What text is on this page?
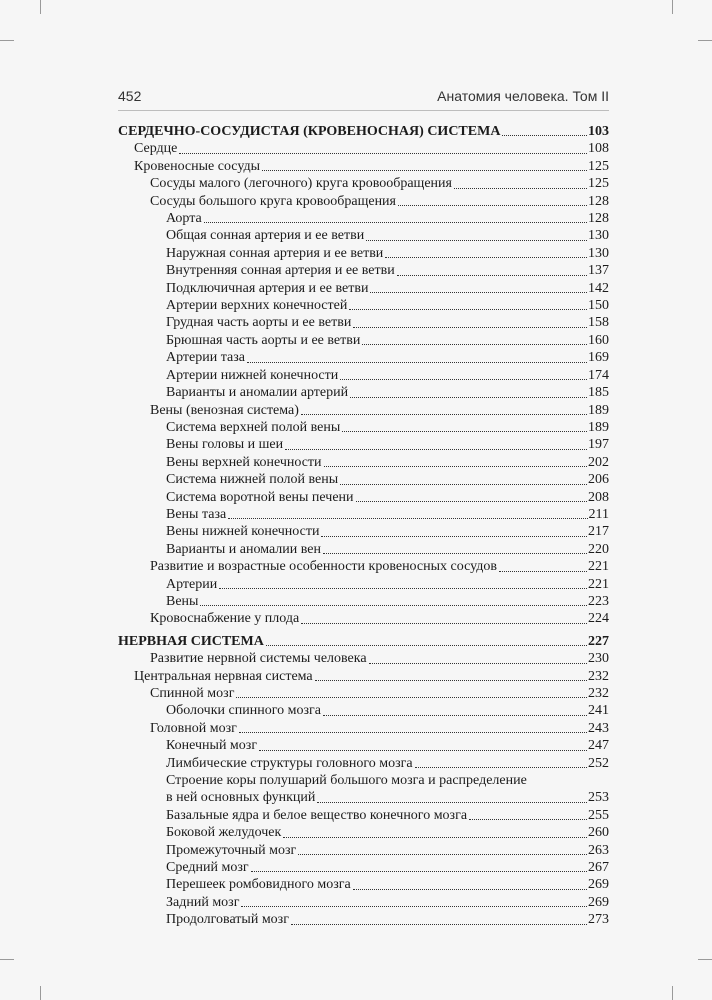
452	Анатомия человека. Том II
СЕРДЕЧНО-СОСУДИСТАЯ (КРОВЕНОСНАЯ) СИСТЕМА	103
Сердце	108
Кровеносные сосуды	125
Сосуды малого (легочного) круга кровообращения	125
Сосуды большого круга кровообращения	128
Аорта	128
Общая сонная артерия и ее ветви	130
Наружная сонная артерия и ее ветви	130
Внутренняя сонная артерия и ее ветви	137
Подключичная артерия и ее ветви	142
Артерии верхних конечностей	150
Грудная часть аорты и ее ветви	158
Брюшная часть аорты и ее ветви	160
Артерии таза	169
Артерии нижней конечности	174
Варианты и аномалии артерий	185
Вены (венозная система)	189
Система верхней полой вены	189
Вены головы и шеи	197
Вены верхней конечности	202
Система нижней полой вены	206
Система воротной вены печени	208
Вены таза	211
Вены нижней конечности	217
Варианты и аномалии вен	220
Развитие и возрастные особенности кровеносных сосудов	221
Артерии	221
Вены	223
Кровоснабжение у плода	224
НЕРВНАЯ СИСТЕМА	227
Развитие нервной системы человека	230
Центральная нервная система	232
Спинной мозг	232
Оболочки спинного мозга	241
Головной мозг	243
Конечный мозг	247
Лимбические структуры головного мозга	252
Строение коры полушарий большого мозга и распределение
в ней основных функций	253
Базальные ядра и белое вещество конечного мозга	255
Боковой желудочек	260
Промежуточный мозг	263
Средний мозг	267
Перешеек ромбовидного мозга	269
Задний мозг	269
Продолговатый мозг	273
